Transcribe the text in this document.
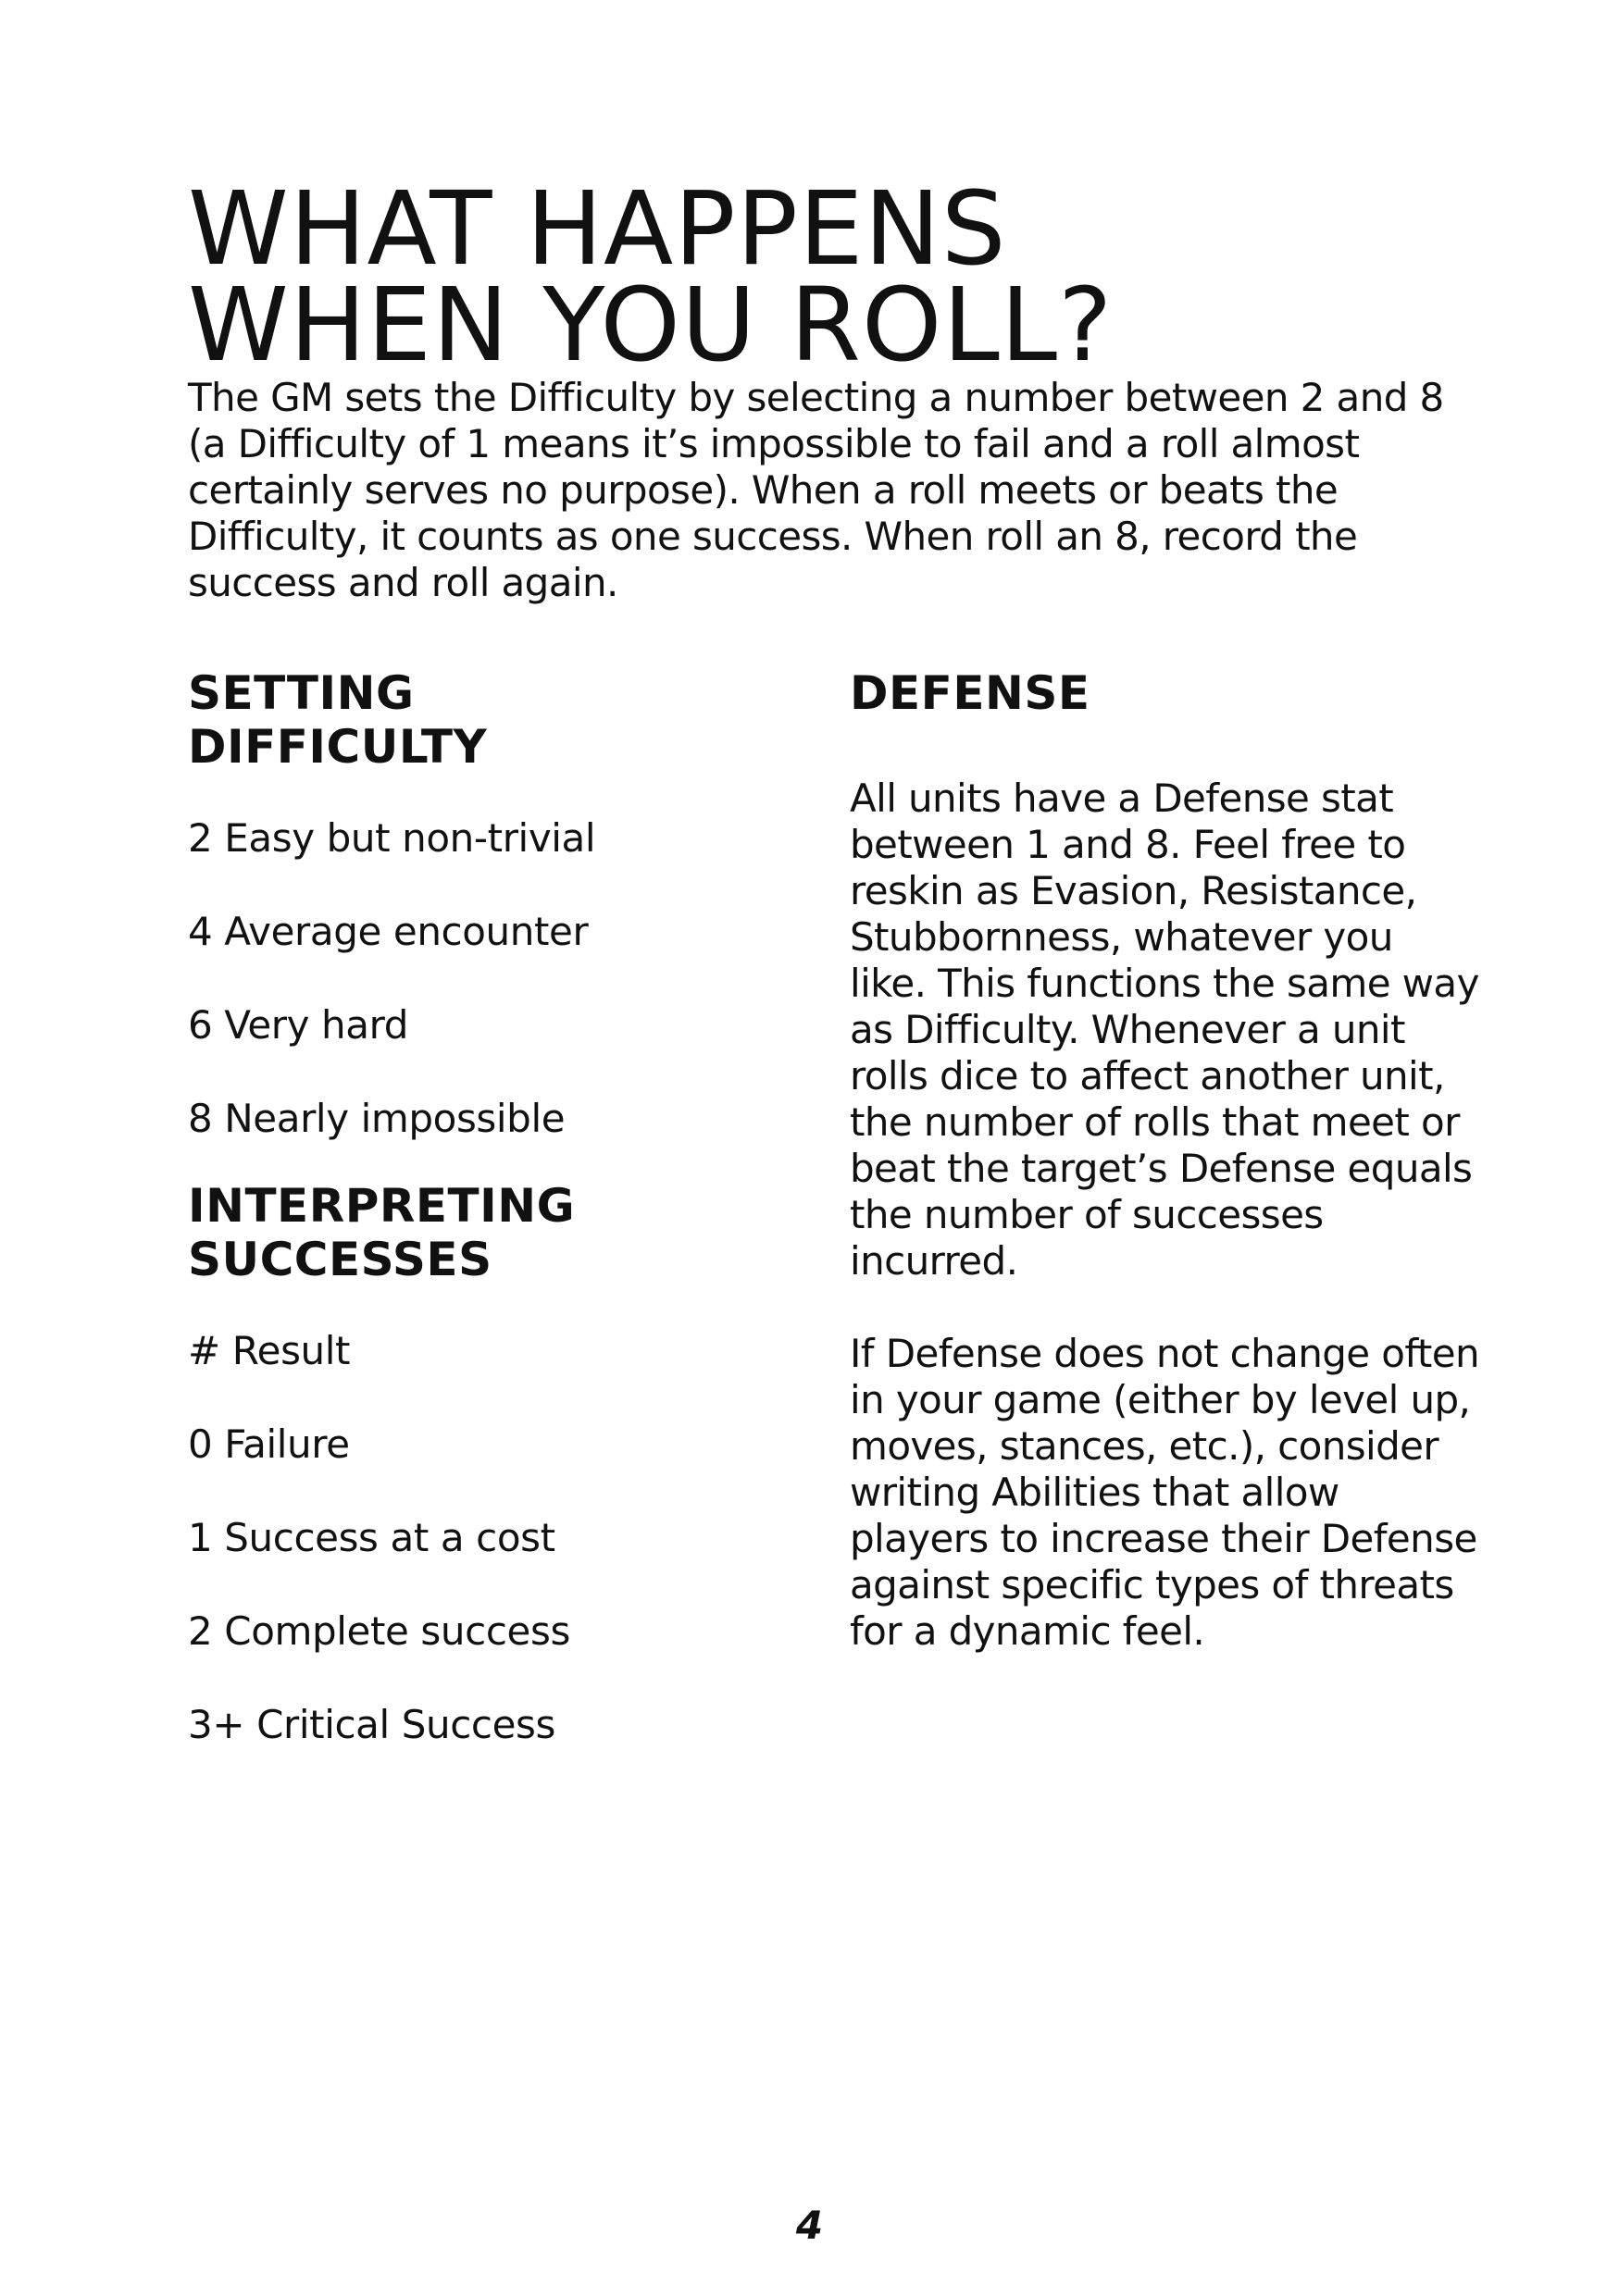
WHAT HAPPENS
WHEN YOU ROLL?

The GM sets the Difficulty by selecting a number between 2 and 8 (a Difficulty of 1 means it’s impossible to fail and a roll almost certainly serves no purpose). When a roll meets or beats the Difficulty, it counts as one success. When roll an 8, record the success and roll again.

SETTING
DIFFICULTY
2 Easy but non-trivial
4 Average encounter
6 Very hard
8 Nearly impossible
INTERPRETING
SUCCESSES
# Result
0 Failure
1 Success at a cost
2 Complete success
3+ Critical Success
DEFENSE

All units have a Defense stat between 1 and 8. Feel free to reskin as Evasion, Resistance, Stubbornness, whatever you like. This functions the same way as Difficulty. Whenever a unit rolls dice to affect another unit, the number of rolls that meet or beat the target’s Defense equals the number of successes incurred.

If Defense does not change often in your game (either by level up, moves, stances, etc.), consider writing Abilities that allow players to increase their Defense against specific types of threats for a dynamic feel.

4
